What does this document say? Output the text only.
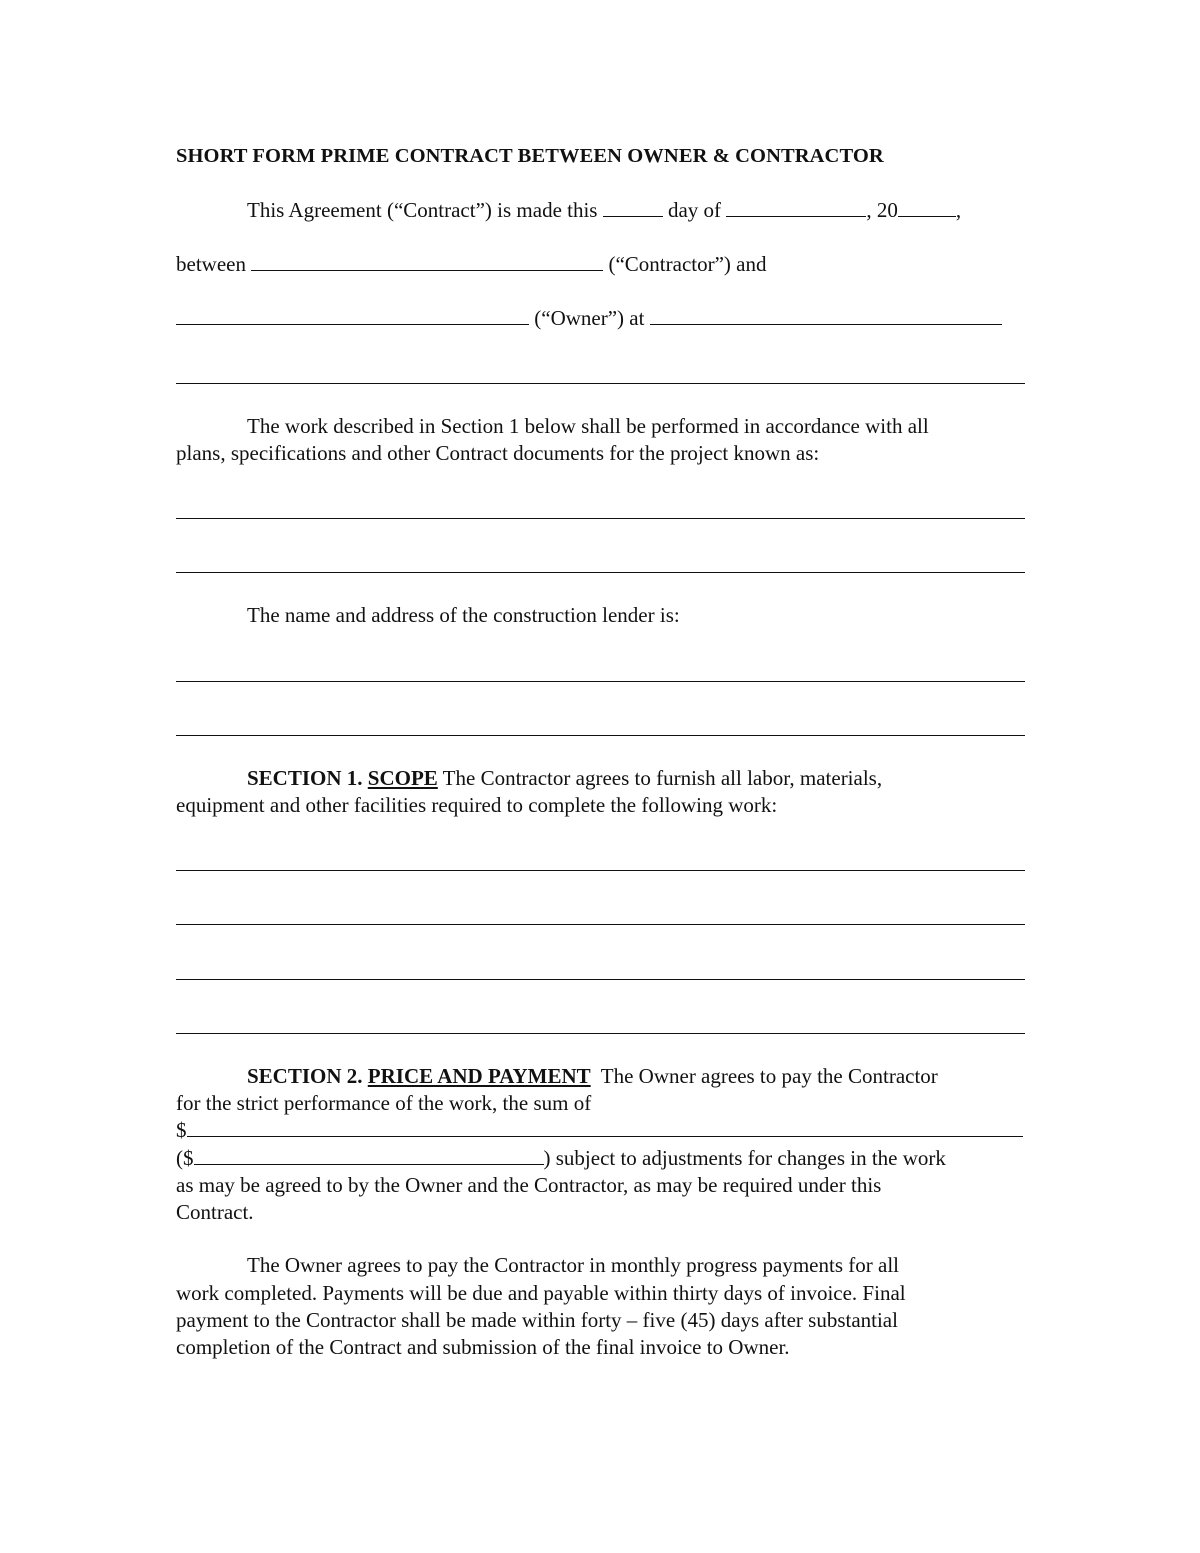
SHORT FORM PRIME CONTRACT BETWEEN OWNER & CONTRACTOR
This Agreement (“Contract”) is made this	day of	, 20	,
between	(“Contractor”) and
(“Owner”) at
The work described in Section 1 below shall be performed in accordance with all
plans, specifications and other Contract documents for the project known as:
The name and address of the construction lender is:
SECTION 1. SCOPE The Contractor agrees to furnish all labor, materials,
equipment and other facilities required to complete the following work:
SECTION 2. PRICE AND PAYMENT The Owner agrees to pay the Contractor
for the strict performance of the work, the sum of
$
($	) subject to adjustments for changes in the work
as may be agreed to by the Owner and the Contractor, as may be required under this
Contract.
The Owner agrees to pay the Contractor in monthly progress payments for all
work completed. Payments will be due and payable within thirty days of invoice. Final
payment to the Contractor shall be made within forty – five (45) days after substantial
completion of the Contract and submission of the final invoice to Owner.
